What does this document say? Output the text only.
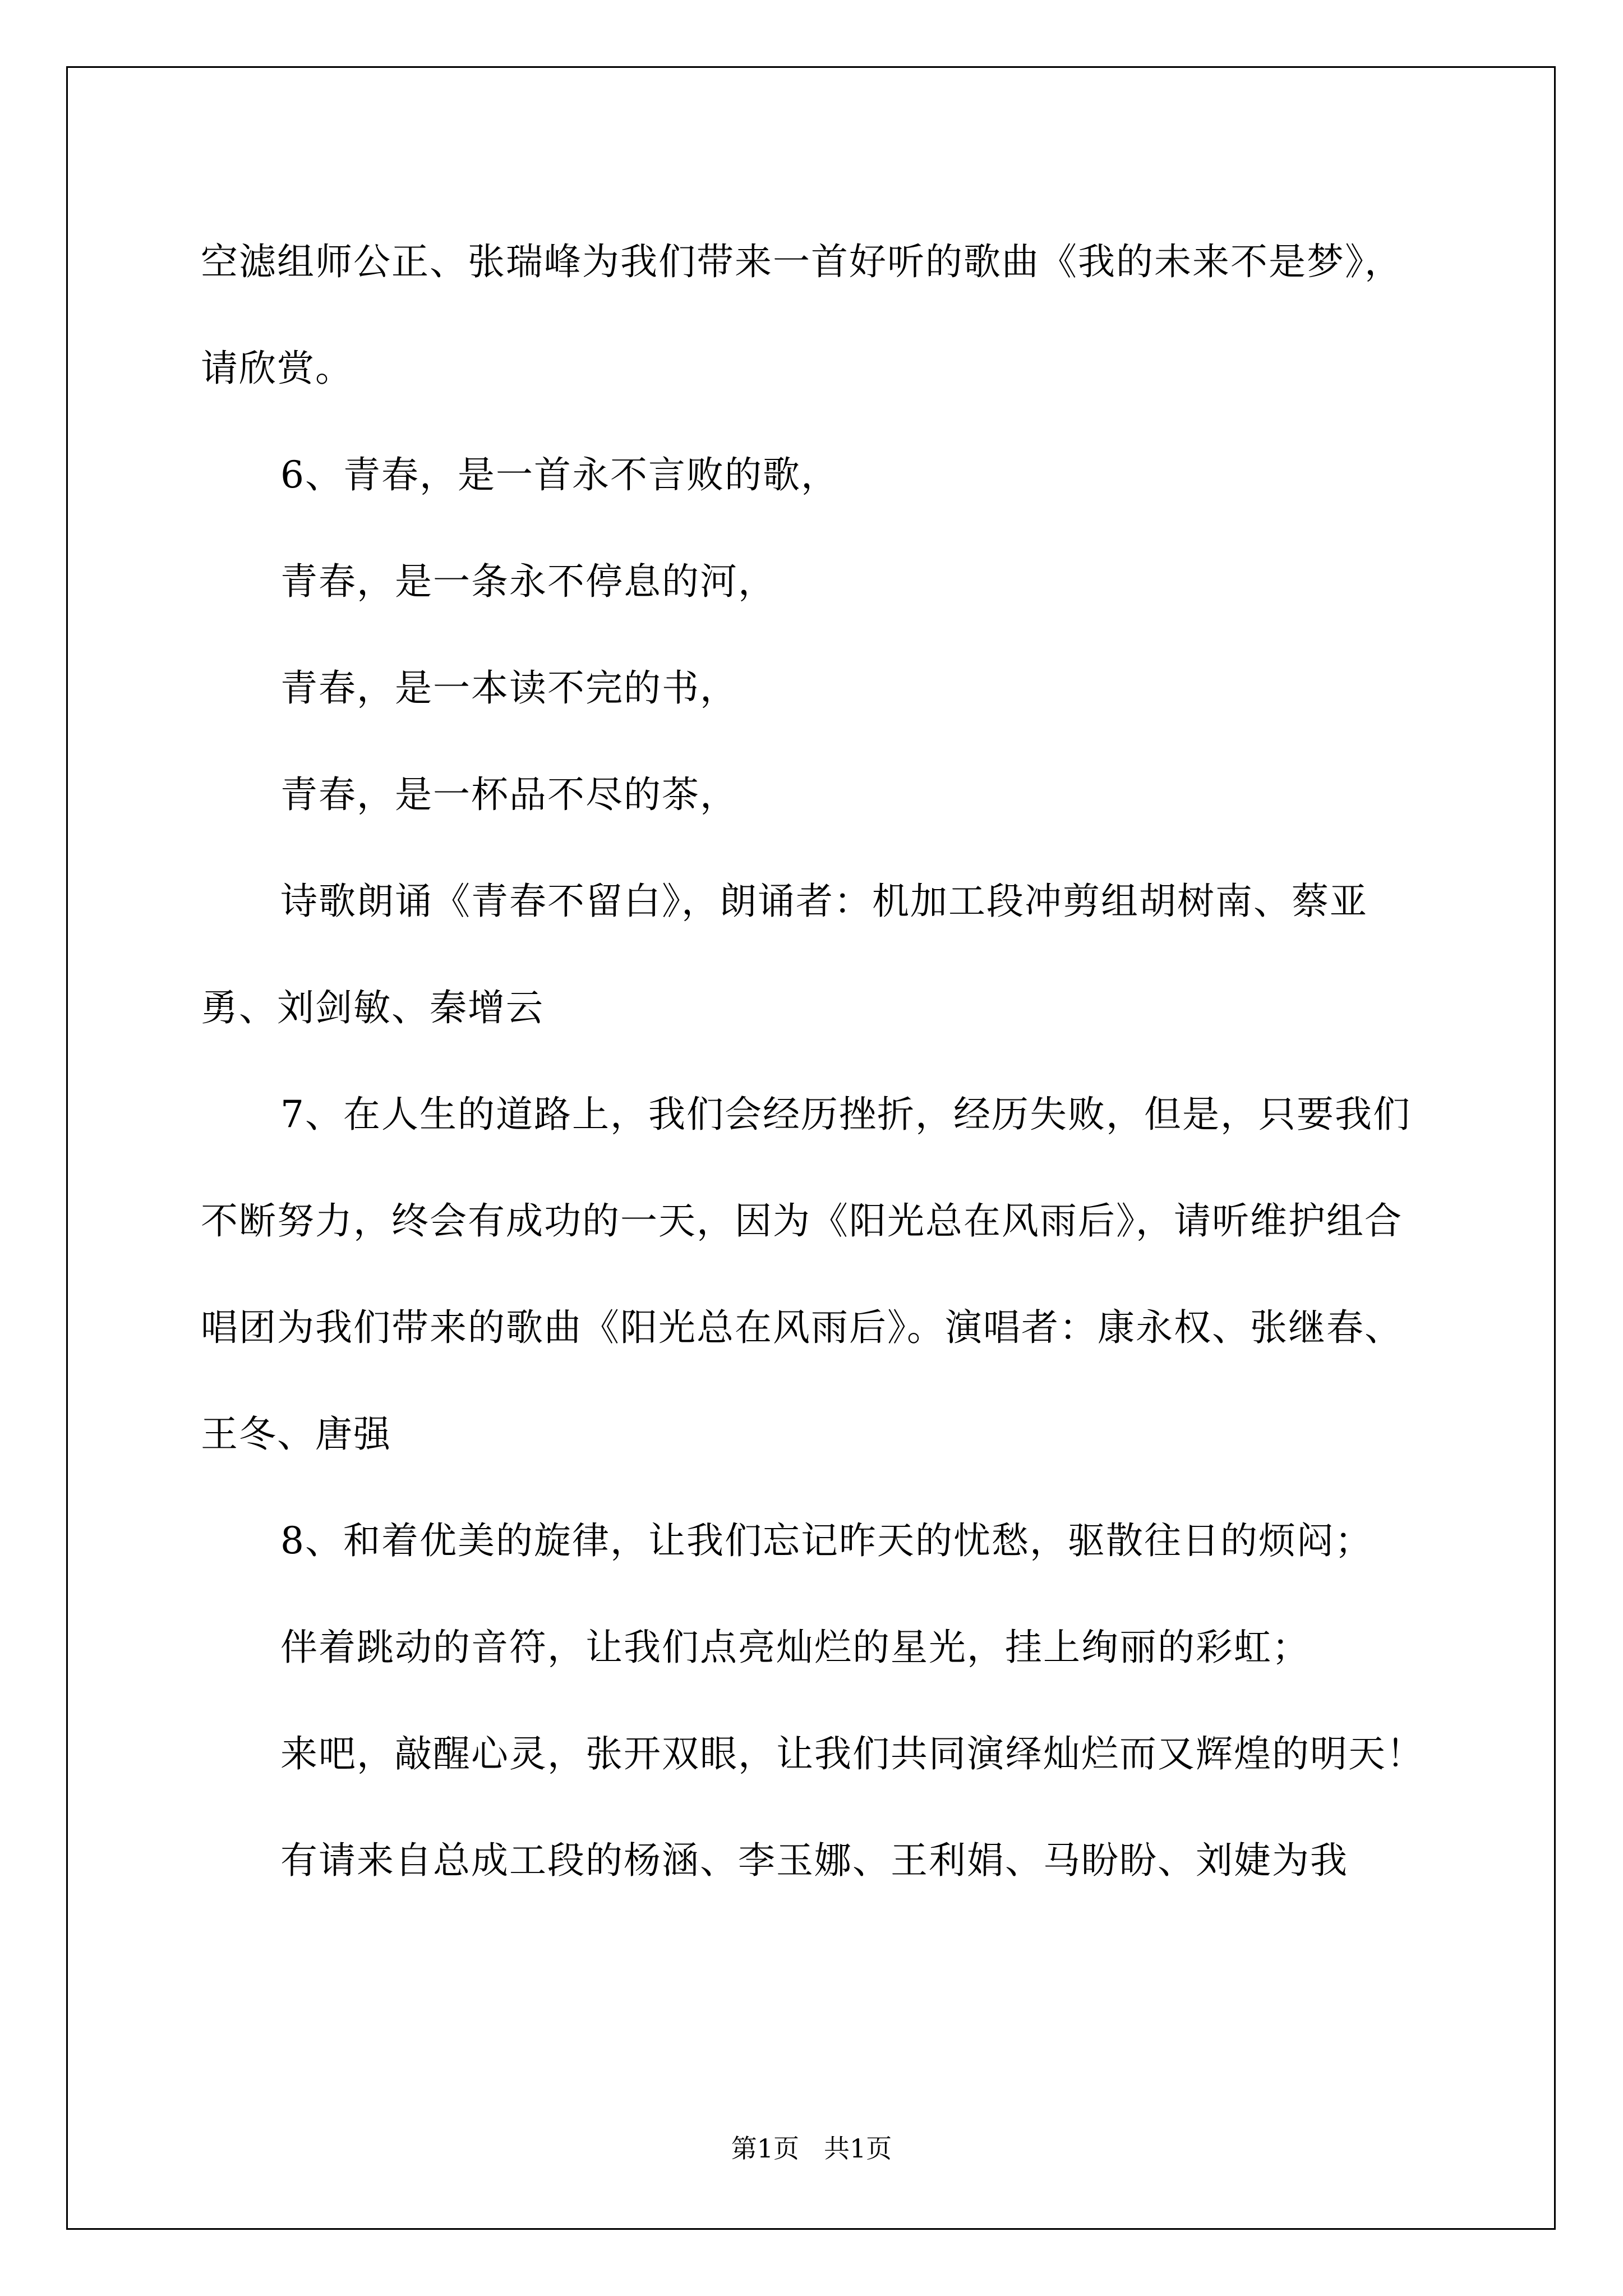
空滤组师公正、张瑞峰为我们带来一首好听的歌曲《我的未来不是梦》，请欣赏。

6、青春，是一首永不言败的歌，

青春，是一条永不停息的河，

青春，是一本读不完的书，

青春，是一杯品不尽的茶，

诗歌朗诵《青春不留白》，朗诵者：机加工段冲剪组胡树南、蔡亚勇、刘剑敏、秦增云

7、在人生的道路上，我们会经历挫折，经历失败，但是，只要我们不断努力，终会有成功的一天，因为《阳光总在风雨后》，请听维护组合唱团为我们带来的歌曲《阳光总在风雨后》。演唱者：康永权、张继春、王冬、唐强

8、和着优美的旋律，让我们忘记昨天的忧愁，驱散往日的烦闷；

伴着跳动的音符，让我们点亮灿烂的星光，挂上绚丽的彩虹；

来吧，敲醒心灵，张开双眼，让我们共同演绎灿烂而又辉煌的明天！

有请来自总成工段的杨涵、李玉娜、王利娟、马盼盼、刘婕为我

第1页 共1页
